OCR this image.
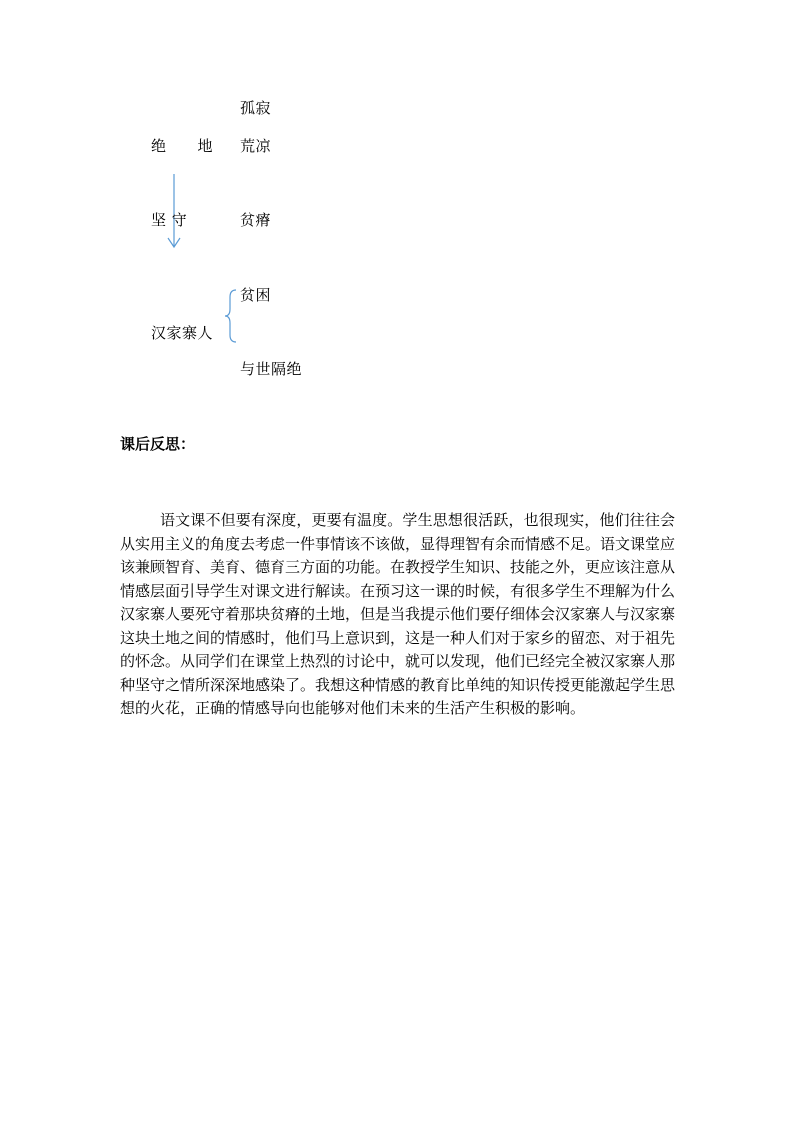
孤寂
绝　　地 荒凉
坚 守	贫瘠
贫困
汉家寨人
与世隔绝
课后反思：

语文课不但要有深度，更要有温度。学生思想很活跃，也很现实，他们往往会从实用主义的角度去考虑一件事情该不该做，显得理智有余而情感不足。语文课堂应该兼顾智育、美育、德育三方面的功能。在教授学生知识、技能之外，更应该注意从情感层面引导学生对课文进行解读。在预习这一课的时候，有很多学生不理解为什么汉家寨人要死守着那块贫瘠的土地，但是当我提示他们要仔细体会汉家寨人与汉家寨这块土地之间的情感时，他们马上意识到，这是一种人们对于家乡的留恋、对于祖先的怀念。从同学们在课堂上热烈的讨论中，就可以发现，他们已经完全被汉家寨人那种坚守之情所深深地感染了。我想这种情感的教育比单纯的知识传授更能激起学生思想的火花，正确的情感导向也能够对他们未来的生活产生积极的影响。
